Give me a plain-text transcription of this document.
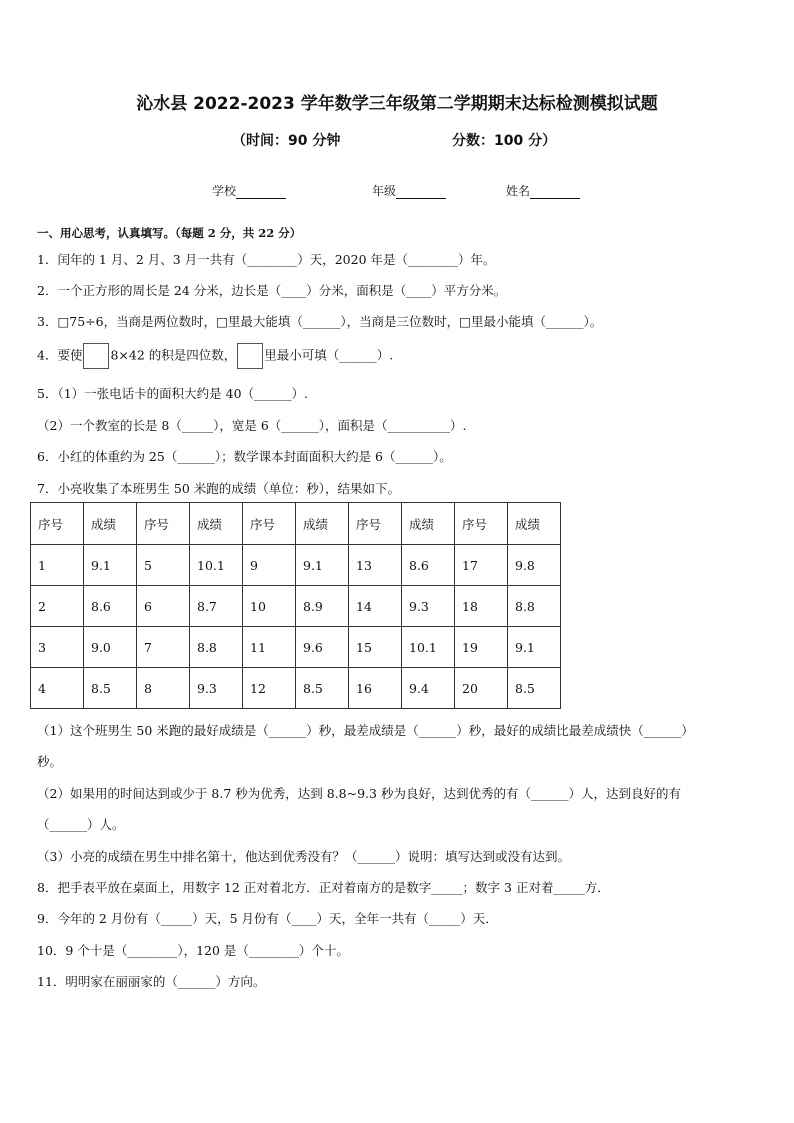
沁水县 2022-2023 学年数学三年级第二学期期末达标检测模拟试题
（时间：90 分钟	分数：100 分）
学校	年级	姓名
一、用心思考，认真填写。（每题 2 分，共 22 分）
1．闰年的 1 月、2 月、3 月一共有（________）天，2020 年是（________）年。
2．一个正方形的周长是 24 分米，边长是（____）分米，面积是（____）平方分米。
3．□75÷6，当商是两位数时，□里最大能填（______），当商是三位数时，□里最小能填（______）。
4．要使 8×42 的积是四位数， 里最小可填（______）.
5．（1）一张电话卡的面积大约是 40（______）.
（2）一个教室的长是 8（_____），宽是 6（______），面积是（__________）.
6．小红的体重约为 25（______）；数学课本封面面积大约是 6（______）。
7．小亮收集了本班男生 50 米跑的成绩（单位：秒），结果如下。
序号	成绩	序号	成绩	序号	成绩	序号	成绩	序号	成绩
1	9.1	5	10.1	9	9.1	13	8.6	17	9.8
2	8.6	6	8.7	10	8.9	14	9.3	18	8.8
3	9.0	7	8.8	11	9.6	15	10.1	19	9.1
4	8.5	8	9.3	12	8.5	16	9.4	20	8.5
（1）这个班男生 50 米跑的最好成绩是（______）秒，最差成绩是（______）秒，最好的成绩比最差成绩快（______）
秒。
（2）如果用的时间达到或少于 8.7 秒为优秀，达到 8.8~9.3 秒为良好，达到优秀的有（______）人，达到良好的有
（______）人。
（3）小亮的成绩在男生中排名第十，他达到优秀没有？（______）说明：填写达到或没有达到。
8．把手表平放在桌面上，用数字 12 正对着北方．正对着南方的是数字_____；数字 3 正对着_____方．
9．今年的 2 月份有（_____）天，5 月份有（____）天，全年一共有（_____）天．
10．9 个十是（________），120 是（________）个十。
11．明明家在丽丽家的（______）方向。
